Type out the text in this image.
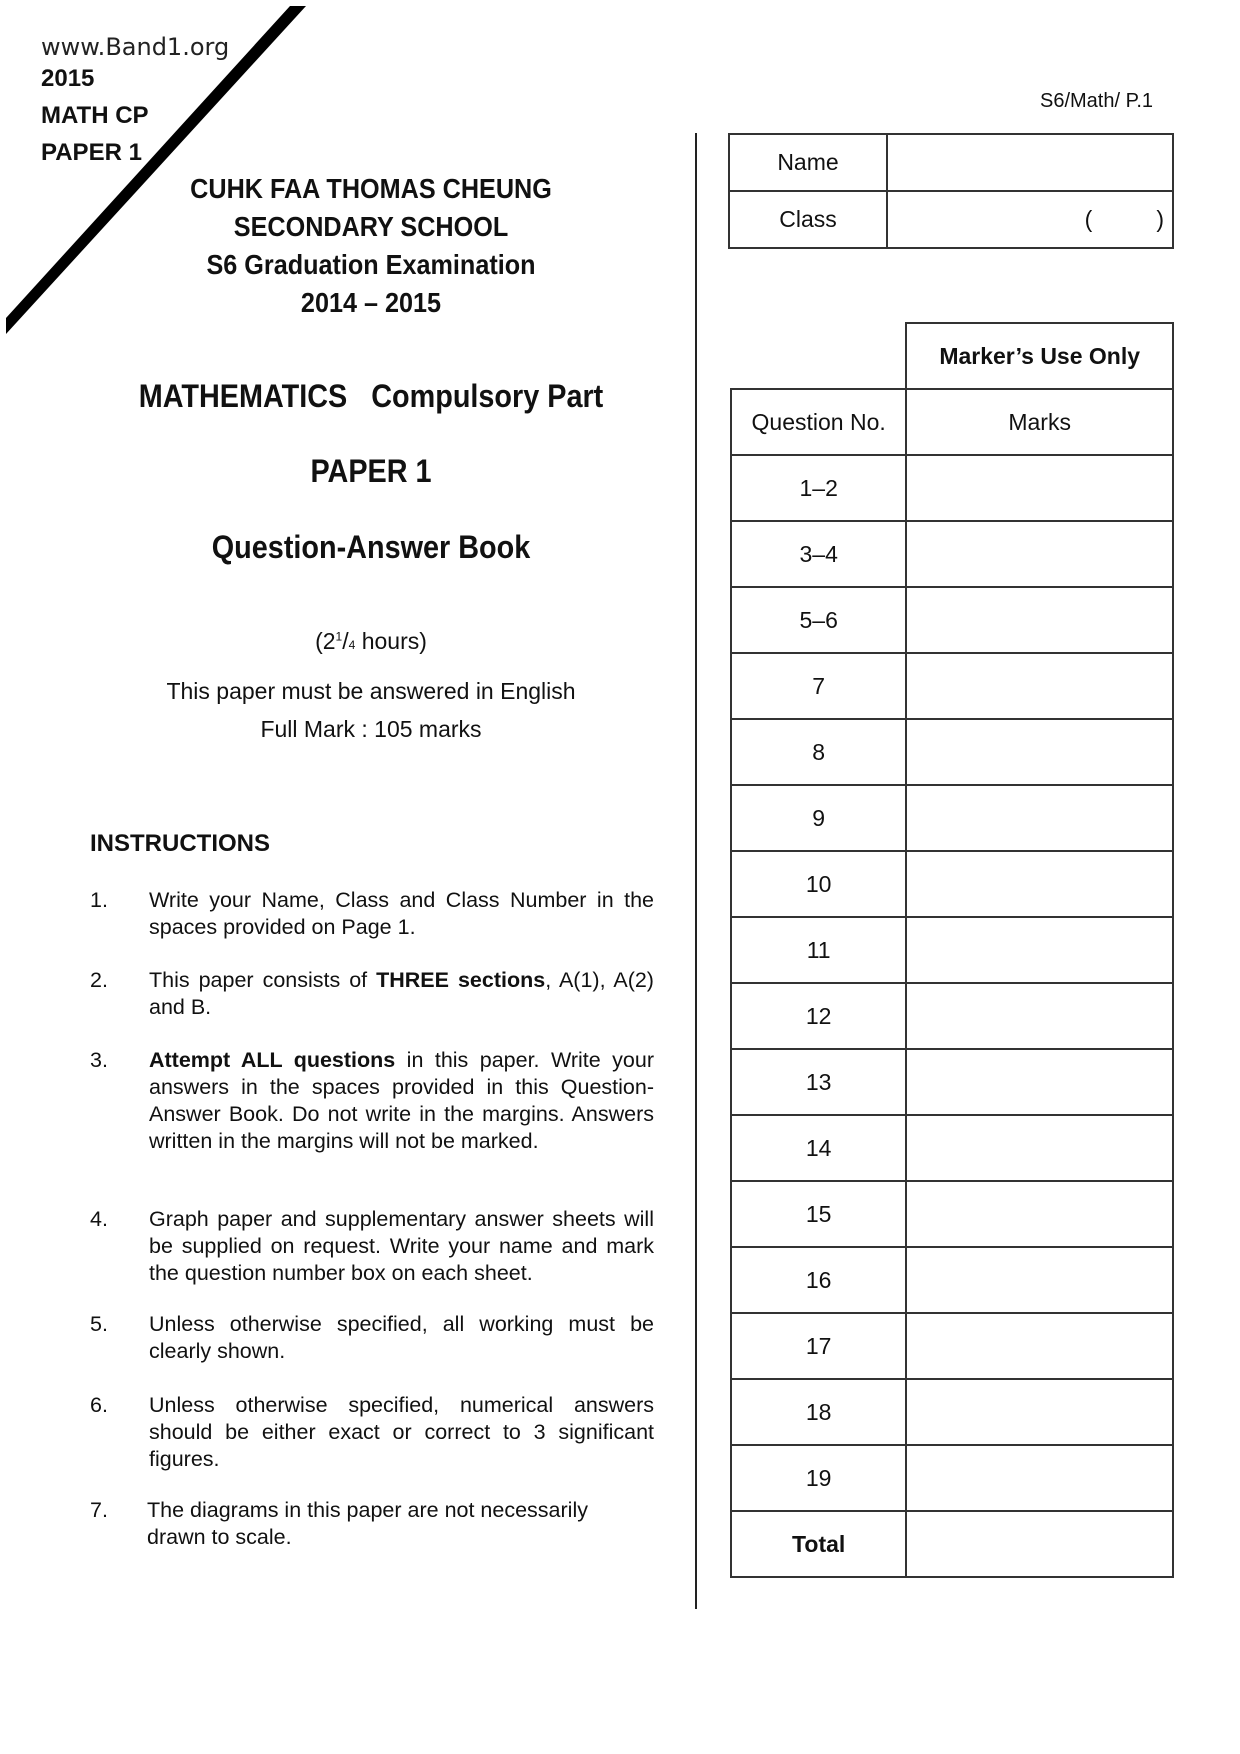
www.Band1.org
2015
MATH CP
PAPER 1
S6/Math/ P.1
CUHK FAA THOMAS CHEUNG
SECONDARY SCHOOL
S6 Graduation Examination
2014 – 2015
MATHEMATICS Compulsory Part
PAPER 1
Question-Answer Book
($2^1/4$ hours)
This paper must be answered in English
Full Mark : 105 marks
INSTRUCTIONS
1. Write your Name, Class and Class Number in the spaces provided on Page 1.
2. This paper consists of THREE sections, A(1), A(2) and B.
3. Attempt ALL questions in this paper. Write your answers in the spaces provided in this Question-Answer Book. Do not write in the margins. Answers written in the margins will not be marked.
4. Graph paper and supplementary answer sheets will be supplied on request. Write your name and mark the question number box on each sheet.
5. Unless otherwise specified, all working must be clearly shown.
6. Unless otherwise specified, numerical answers should be either exact or correct to 3 significant figures.
7. The diagrams in this paper are not necessarily drawn to scale.
Name	
Class	( )
	Marker’s Use Only
Question No.	Marks
1–2	
3–4	
5–6	
7	
8	
9	
10	
11	
12	
13	
14	
15	
16	
17	
18	
19	
Total	
